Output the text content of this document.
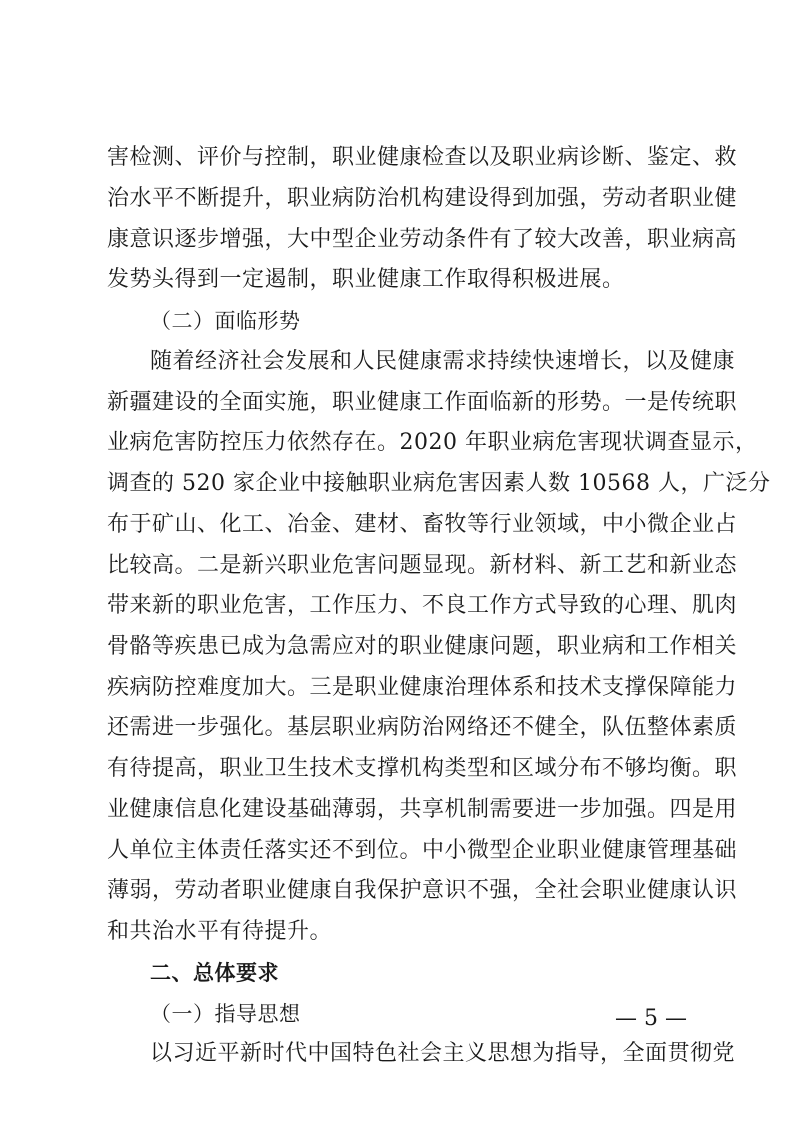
害检测、评价与控制，职业健康检查以及职业病诊断、鉴定、救
治水平不断提升，职业病防治机构建设得到加强，劳动者职业健
康意识逐步增强，大中型企业劳动条件有了较大改善，职业病高
发势头得到一定遏制，职业健康工作取得积极进展。
（二）面临形势
随着经济社会发展和人民健康需求持续快速增长，以及健康
新疆建设的全面实施，职业健康工作面临新的形势。一是传统职
业病危害防控压力依然存在。2020 年职业病危害现状调查显示，
调查的 520 家企业中接触职业病危害因素人数 10568 人，广泛分
布于矿山、化工、冶金、建材、畜牧等行业领域，中小微企业占
比较高。二是新兴职业危害问题显现。新材料、新工艺和新业态
带来新的职业危害，工作压力、不良工作方式导致的心理、肌肉
骨骼等疾患已成为急需应对的职业健康问题，职业病和工作相关
疾病防控难度加大。三是职业健康治理体系和技术支撑保障能力
还需进一步强化。基层职业病防治网络还不健全，队伍整体素质
有待提高，职业卫生技术支撑机构类型和区域分布不够均衡。职
业健康信息化建设基础薄弱，共享机制需要进一步加强。四是用
人单位主体责任落实还不到位。中小微型企业职业健康管理基础
薄弱，劳动者职业健康自我保护意识不强，全社会职业健康认识
和共治水平有待提升。
二、总体要求
（一）指导思想
以习近平新时代中国特色社会主义思想为指导，全面贯彻党
— 5 —
